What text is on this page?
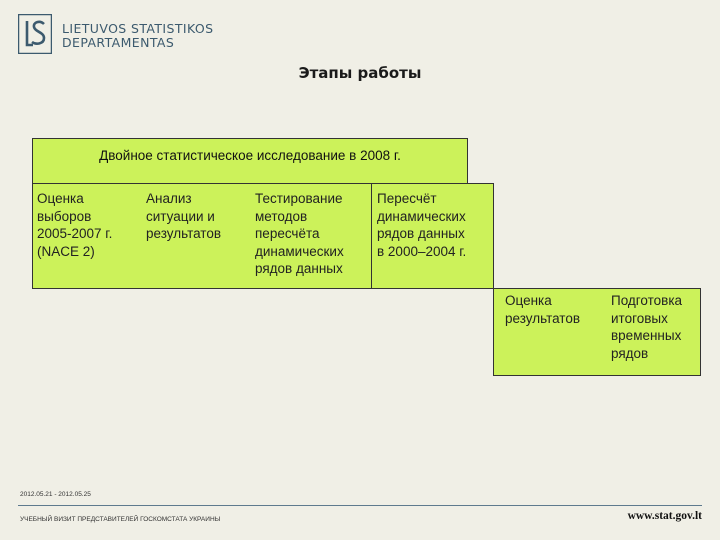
LIETUVOS STATISTIKOS
DEPARTAMENTAS
Этапы работы
Двойное статистическое исследование в 2008 г.
Оценка
выборов
2005-2007 г.
(NACE 2)
Анализ
ситуации и
результатов
Тестирование
методов
пересчёта
динамических
рядов данных
Пересчёт
динамических
рядов данных
в 2000–2004 г.
Оценка
результатов
Подготовка
итоговых
временных
рядов
2012.05.21 - 2012.05.25
УЧЕБНЫЙ ВИЗИТ ПРЕДСТАВИТЕЛЕЙ ГОСКОМСТАТА УКРАИНЫ	www.stat.gov.lt
